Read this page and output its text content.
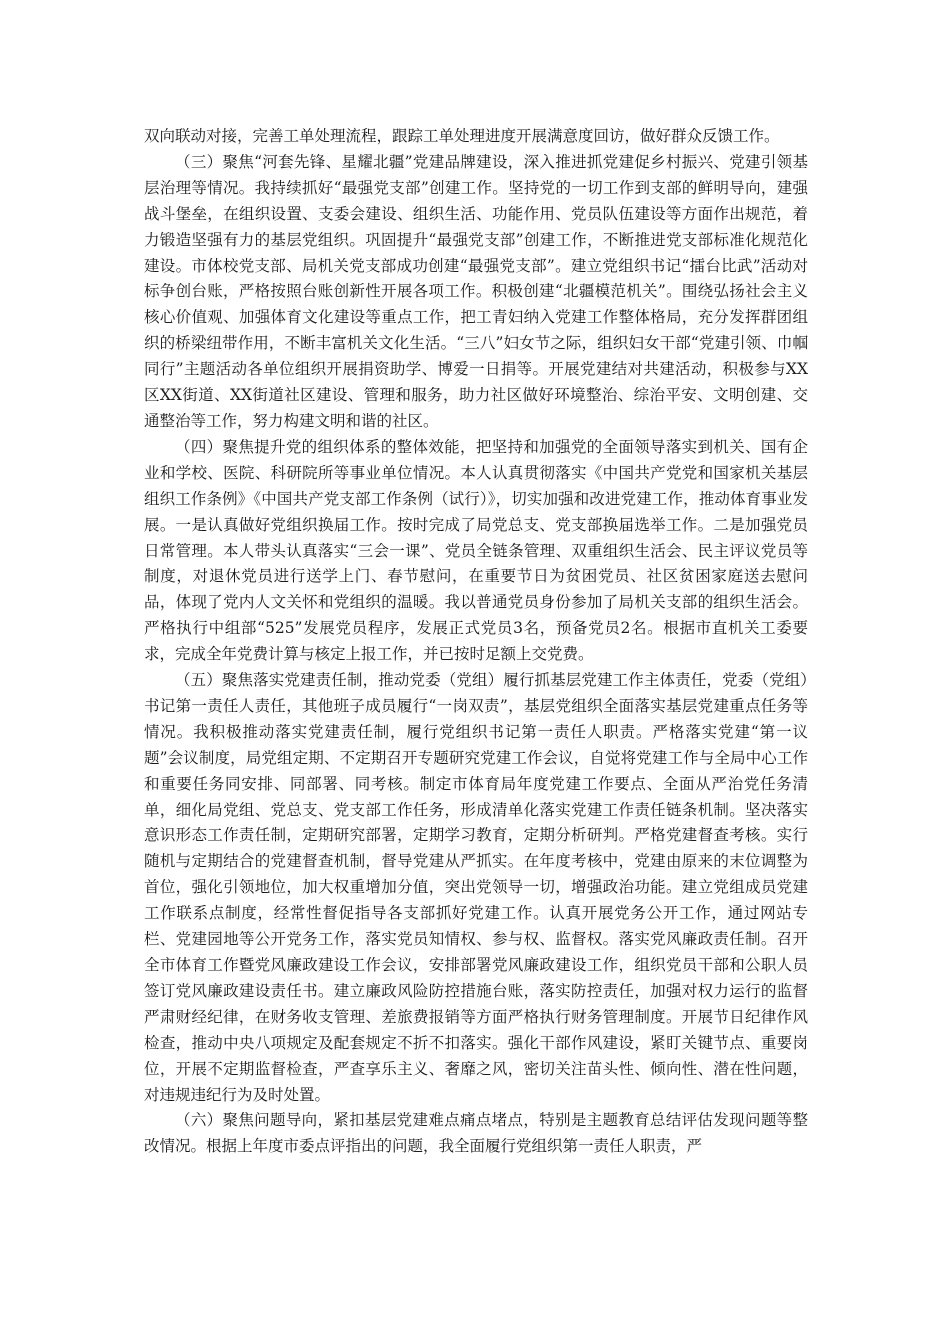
双向联动对接，完善工单处理流程，跟踪工单处理进度开展满意度回访，做好群众反馈工作。

（三）聚焦“河套先锋、星耀北疆”党建品牌建设，深入推进抓党建促乡村振兴、党建引领基层治理等情况。我持续抓好“最强党支部”创建工作。坚持党的一切工作到支部的鲜明导向，建强战斗堡垒，在组织设置、支委会建设、组织生活、功能作用、党员队伍建设等方面作出规范，着力锻造坚强有力的基层党组织。巩固提升“最强党支部”创建工作，不断推进党支部标准化规范化建设。市体校党支部、局机关党支部成功创建“最强党支部”。建立党组织书记“擂台比武”活动对标争创台账，严格按照台账创新性开展各项工作。积极创建“北疆模范机关”。围绕弘扬社会主义核心价值观、加强体育文化建设等重点工作，把工青妇纳入党建工作整体格局，充分发挥群团组织的桥梁纽带作用，不断丰富机关文化生活。“三八”妇女节之际，组织妇女干部“党建引领、巾帼同行”主题活动各单位组织开展捐资助学、博爱一日捐等。开展党建结对共建活动，积极参与XX区XX街道、XX街道社区建设、管理和服务，助力社区做好环境整治、综治平安、文明创建、交通整治等工作，努力构建文明和谐的社区。

（四）聚焦提升党的组织体系的整体效能，把坚持和加强党的全面领导落实到机关、国有企业和学校、医院、科研院所等事业单位情况。本人认真贯彻落实《中国共产党党和国家机关基层组织工作条例》《中国共产党支部工作条例（试行）》，切实加强和改进党建工作，推动体育事业发展。一是认真做好党组织换届工作。按时完成了局党总支、党支部换届选举工作。二是加强党员日常管理。本人带头认真落实“三会一课”、党员全链条管理、双重组织生活会、民主评议党员等制度，对退休党员进行送学上门、春节慰问，在重要节日为贫困党员、社区贫困家庭送去慰问品，体现了党内人文关怀和党组织的温暖。我以普通党员身份参加了局机关支部的组织生活会。严格执行中组部“525”发展党员程序，发展正式党员3名，预备党员2名。根据市直机关工委要求，完成全年党费计算与核定上报工作，并已按时足额上交党费。

（五）聚焦落实党建责任制，推动党委（党组）履行抓基层党建工作主体责任，党委（党组）书记第一责任人责任，其他班子成员履行“一岗双责”，基层党组织全面落实基层党建重点任务等情况。我积极推动落实党建责任制，履行党组织书记第一责任人职责。严格落实党建“第一议题”会议制度，局党组定期、不定期召开专题研究党建工作会议，自觉将党建工作与全局中心工作和重要任务同安排、同部署、同考核。制定市体育局年度党建工作要点、全面从严治党任务清单，细化局党组、党总支、党支部工作任务，形成清单化落实党建工作责任链条机制。坚决落实意识形态工作责任制，定期研究部署，定期学习教育，定期分析研判。严格党建督查考核。实行随机与定期结合的党建督查机制，督导党建从严抓实。在年度考核中，党建由原来的末位调整为首位，强化引领地位，加大权重增加分值，突出党领导一切，增强政治功能。建立党组成员党建工作联系点制度，经常性督促指导各支部抓好党建工作。认真开展党务公开工作，通过网站专栏、党建园地等公开党务工作，落实党员知情权、参与权、监督权。落实党风廉政责任制。召开全市体育工作暨党风廉政建设工作会议，安排部署党风廉政建设工作，组织党员干部和公职人员签订党风廉政建设责任书。建立廉政风险防控措施台账，落实防控责任，加强对权力运行的监督严肃财经纪律，在财务收支管理、差旅费报销等方面严格执行财务管理制度。开展节日纪律作风检查，推动中央八项规定及配套规定不折不扣落实。强化干部作风建设，紧盯关键节点、重要岗位，开展不定期监督检查，严查享乐主义、奢靡之风，密切关注苗头性、倾向性、潜在性问题，对违规违纪行为及时处置。

（六）聚焦问题导向，紧扣基层党建难点痛点堵点，特别是主题教育总结评估发现问题等整改情况。根据上年度市委点评指出的问题，我全面履行党组织第一责任人职责，严
